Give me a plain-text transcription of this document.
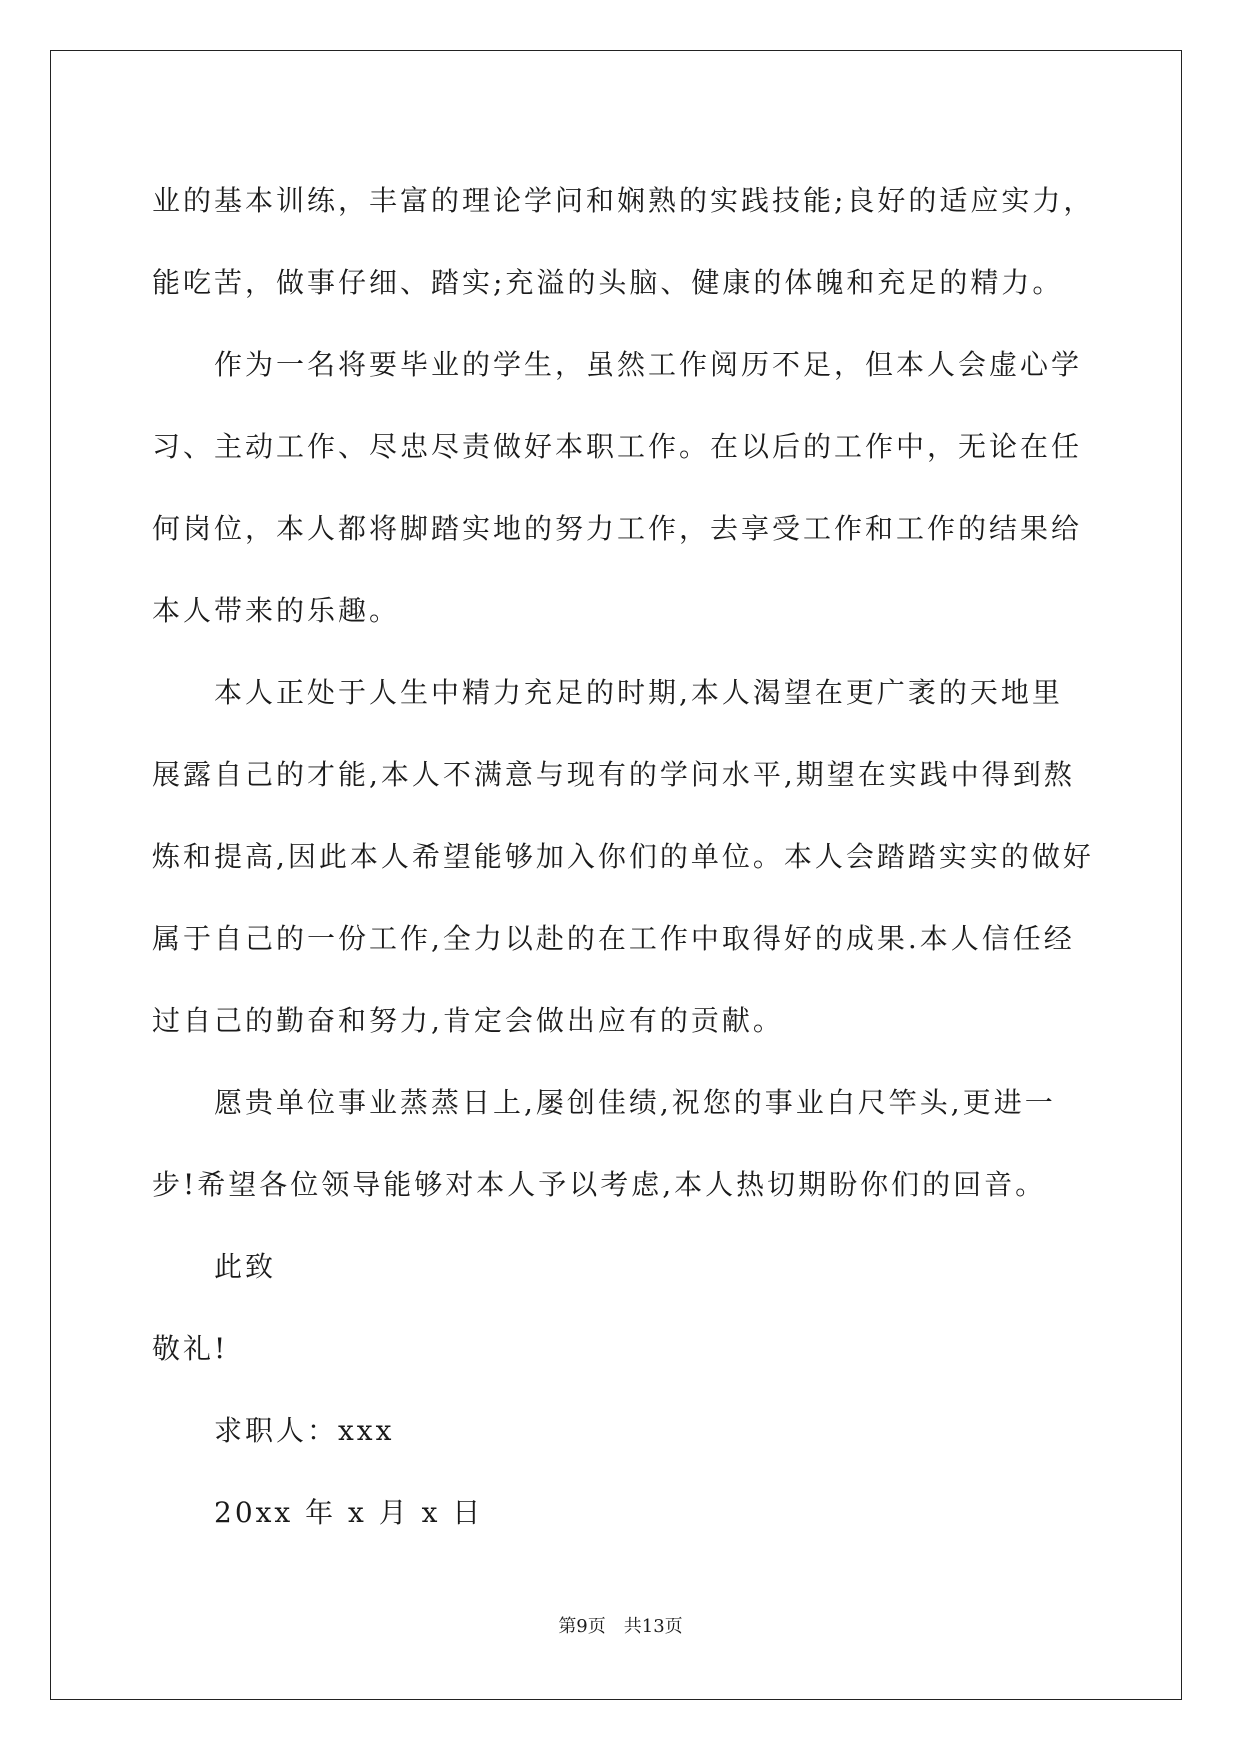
业的基本训练，丰富的理论学问和娴熟的实践技能;良好的适应实力，
能吃苦，做事仔细、踏实;充溢的头脑、健康的体魄和充足的精力。
作为一名将要毕业的学生，虽然工作阅历不足，但本人会虚心学
习、主动工作、尽忠尽责做好本职工作。在以后的工作中，无论在任
何岗位，本人都将脚踏实地的努力工作，去享受工作和工作的结果给
本人带来的乐趣。
本人正处于人生中精力充足的时期,本人渴望在更广袤的天地里
展露自己的才能,本人不满意与现有的学问水平,期望在实践中得到熬
炼和提高,因此本人希望能够加入你们的单位。本人会踏踏实实的做好
属于自己的一份工作,全力以赴的在工作中取得好的成果.本人信任经
过自己的勤奋和努力,肯定会做出应有的贡献。
愿贵单位事业蒸蒸日上,屡创佳绩,祝您的事业白尺竿头,更进一
步!希望各位领导能够对本人予以考虑,本人热切期盼你们的回音。
此致
敬礼!
求职人：xxx
20xx 年 x 月 x 日
第9页 共13页
